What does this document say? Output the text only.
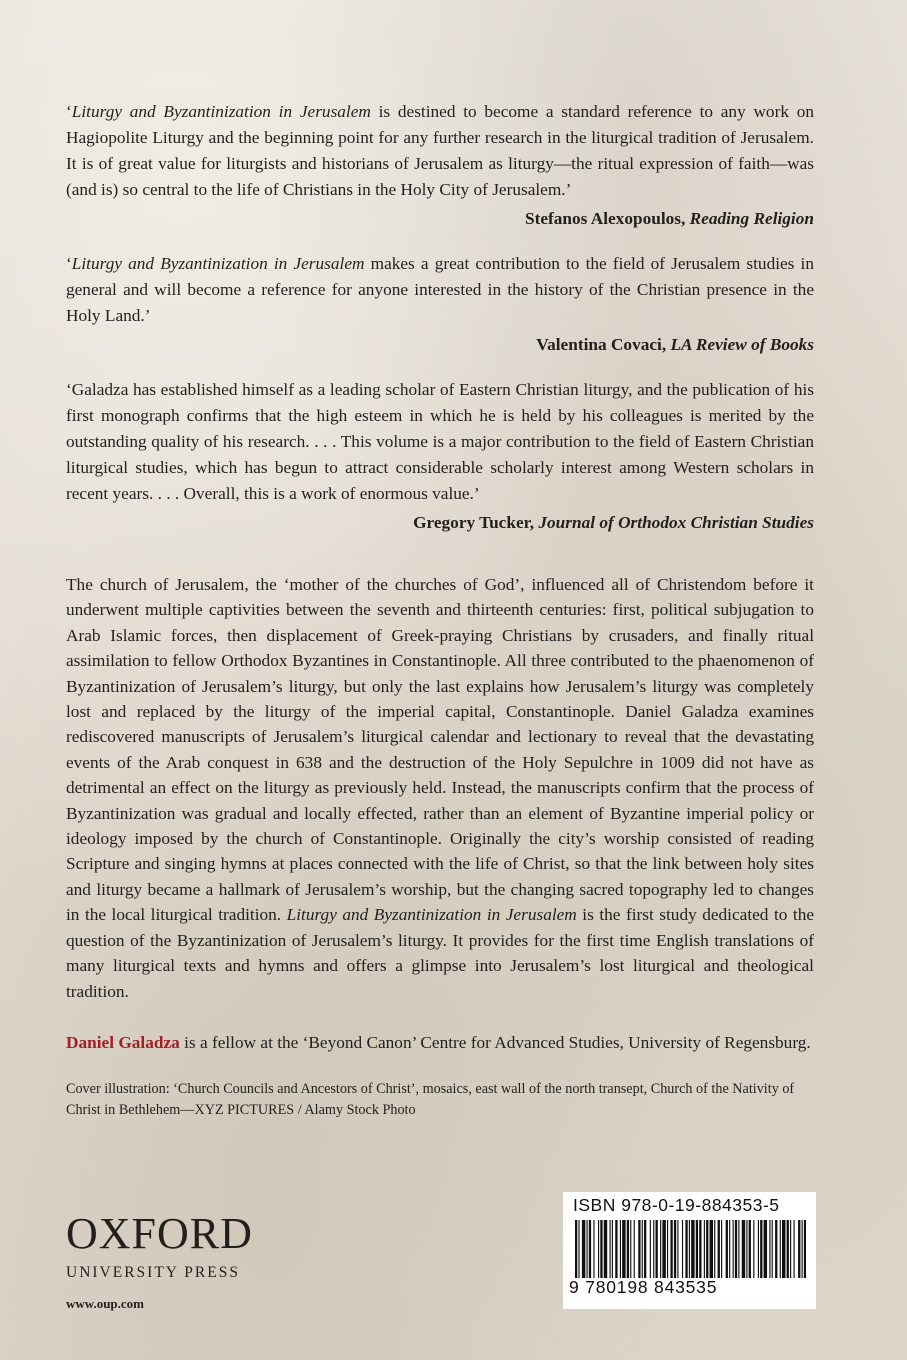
‘Liturgy and Byzantinization in Jerusalem is destined to become a standard reference to any work on Hagiopolite Liturgy and the beginning point for any further research in the liturgical tradition of Jerusalem. It is of great value for liturgists and historians of Jerusalem as liturgy—the ritual expression of faith—was (and is) so central to the life of Christians in the Holy City of Jerusalem.’

Stefanos Alexopoulos, Reading Religion

‘Liturgy and Byzantinization in Jerusalem makes a great contribution to the field of Jerusalem studies in general and will become a reference for anyone interested in the history of the Christian presence in the Holy Land.’

Valentina Covaci, LA Review of Books

‘Galadza has established himself as a leading scholar of Eastern Christian liturgy, and the publication of his first monograph confirms that the high esteem in which he is held by his colleagues is merited by the outstanding quality of his research. . . . This volume is a major contribution to the field of Eastern Christian liturgical studies, which has begun to attract considerable scholarly interest among Western scholars in recent years. . . . Overall, this is a work of enormous value.’

Gregory Tucker, Journal of Orthodox Christian Studies
The church of Jerusalem, the ‘mother of the churches of God’, influenced all of Christendom before it underwent multiple captivities between the seventh and thirteenth centuries: first, political subjugation to Arab Islamic forces, then displacement of Greek-praying Christians by crusaders, and finally ritual assimilation to fellow Orthodox Byzantines in Constantinople. All three contributed to the phaenomenon of Byzantinization of Jerusalem’s liturgy, but only the last explains how Jerusalem’s liturgy was completely lost and replaced by the liturgy of the imperial capital, Constantinople. Daniel Galadza examines rediscovered manuscripts of Jerusalem’s liturgical calendar and lectionary to reveal that the devastating events of the Arab conquest in 638 and the destruction of the Holy Sepulchre in 1009 did not have as detrimental an effect on the liturgy as previously held. Instead, the manuscripts confirm that the process of Byzantinization was gradual and locally effected, rather than an element of Byzantine imperial policy or ideology imposed by the church of Constantinople. Originally the city’s worship consisted of reading Scripture and singing hymns at places connected with the life of Christ, so that the link between holy sites and liturgy became a hallmark of Jerusalem’s worship, but the changing sacred topography led to changes in the local liturgical tradition. Liturgy and Byzantinization in Jerusalem is the first study dedicated to the question of the Byzantinization of Jerusalem’s liturgy. It provides for the first time English translations of many liturgical texts and hymns and offers a glimpse into Jerusalem’s lost liturgical and theological tradition.
Daniel Galadza is a fellow at the ‘Beyond Canon’ Centre for Advanced Studies, University of Regensburg.
Cover illustration: ‘Church Councils and Ancestors of Christ’, mosaics, east wall of the north transept, Church of the Nativity of Christ in Bethlehem—XYZ PICTURES / Alamy Stock Photo
OXFORD
UNIVERSITY PRESS
www.oup.com
ISBN 978-0-19-884353-5
9 780198 843535
